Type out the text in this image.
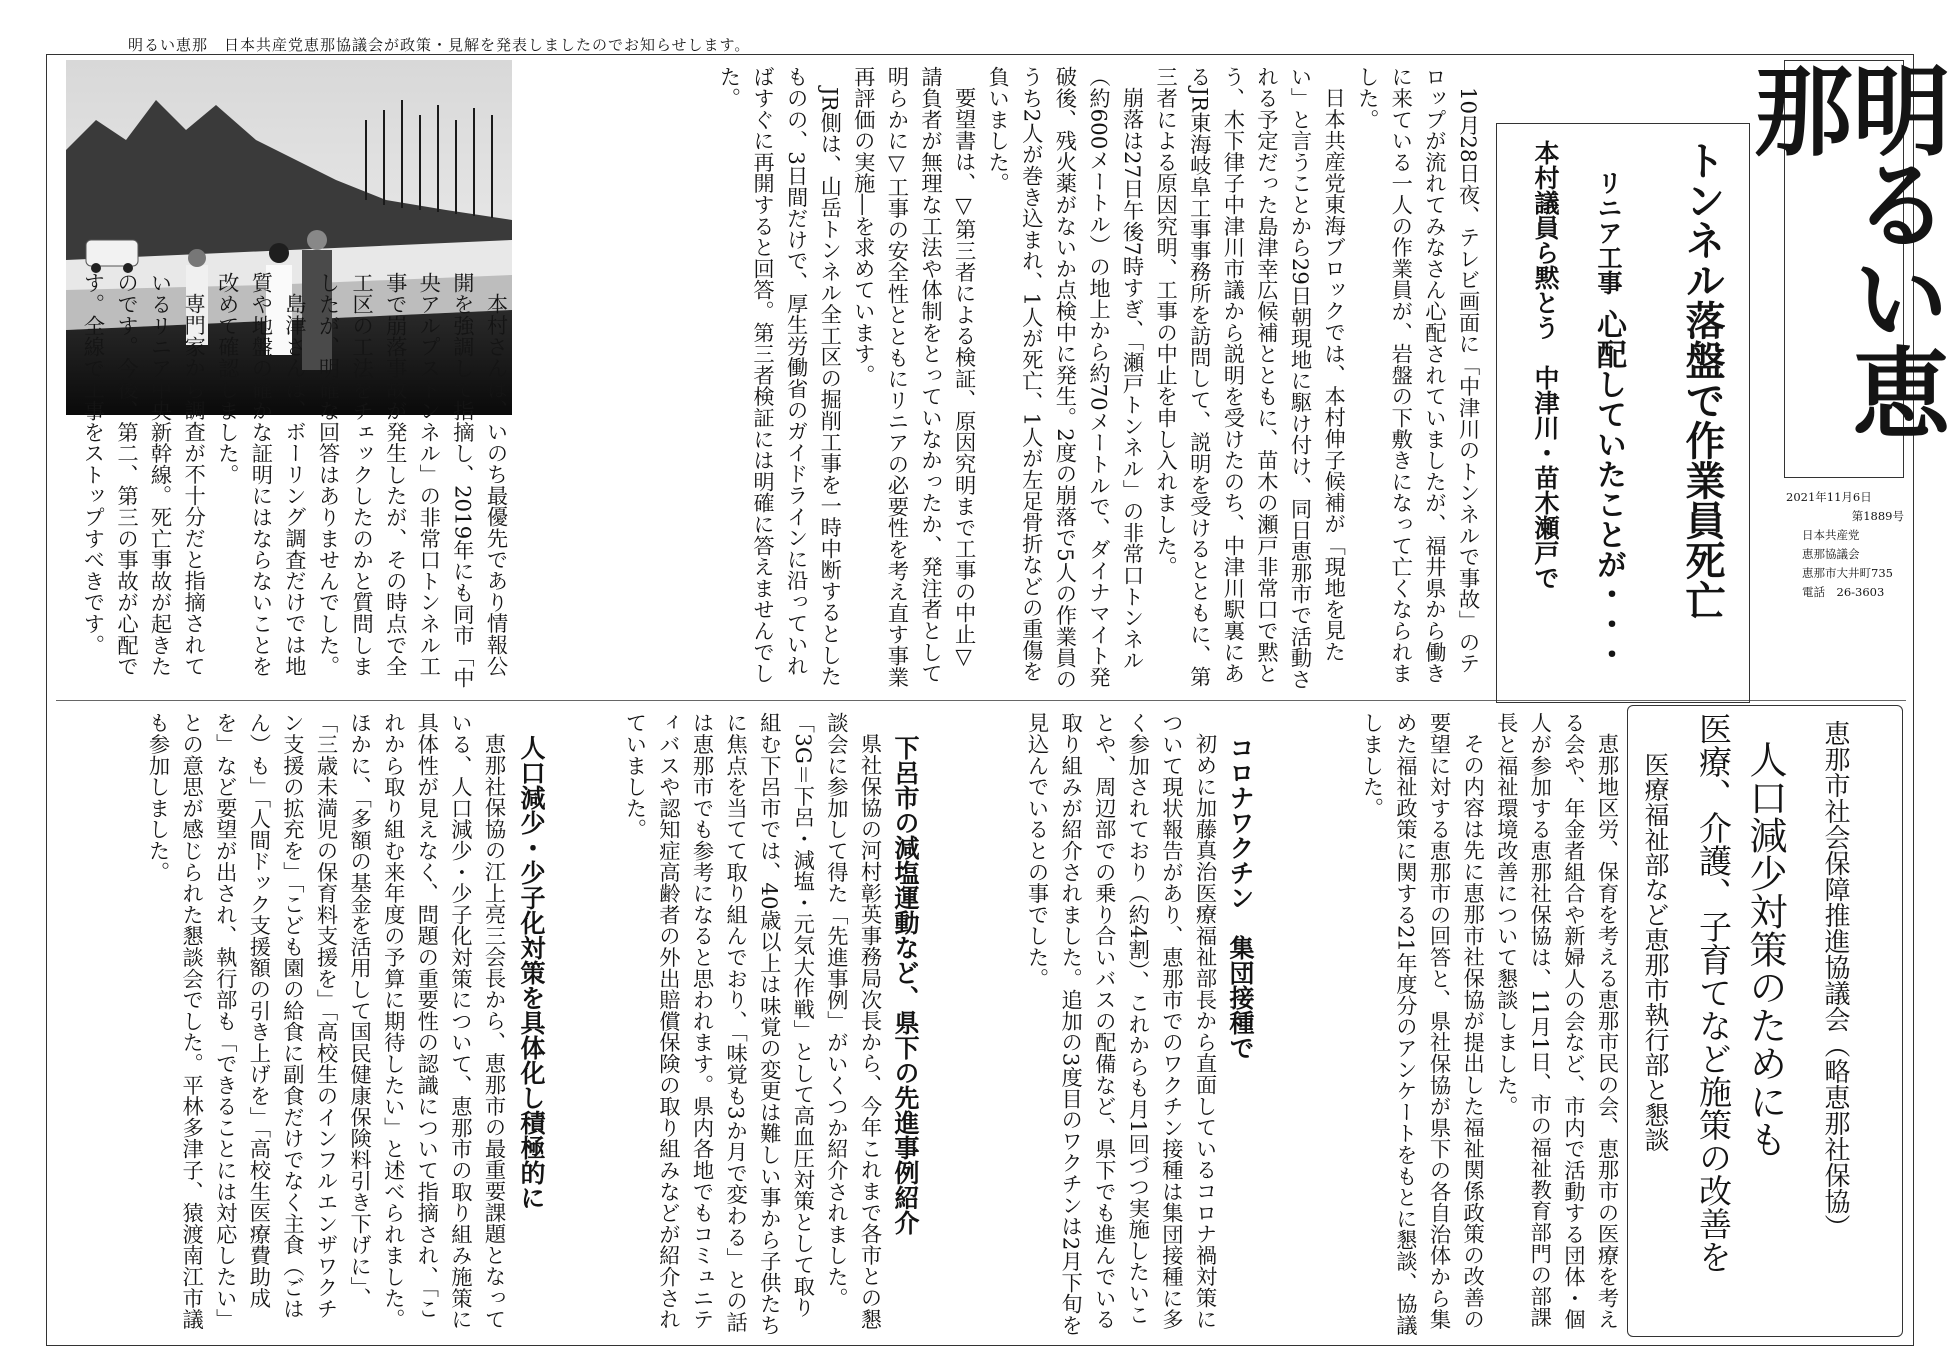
明るい恵那　日本共産党恵那協議会が政策・見解を発表しましたのでお知らせします。
明るい恵那
2021年11月6日
第1889号
日本共産党
恵那協議会
恵那市大井町735
電話　26-3603
トンネル落盤で作業員死亡
リニア工事心配していたことが・・・
本村議員ら黙とう　中津川・苗木瀬戸で

10月28日夜、テレビ画面に「中津川のトンネルで事故」のテロップが流れてみなさん心配されていましたが、福井県から働きに来ている一人の作業員が、岩盤の下敷きになって亡くなられました。

日本共産党東海ブロックでは、本村伸子候補が「現地を見たい」と言うことから29日朝現地に駆け付け、同日恵那市で活動される予定だった島津幸広候補とともに、苗木の瀬戸非常口で黙とう、木下律子中津川市議から説明を受けたのち、中津川駅裏にあるJR東海岐阜工事事務所を訪問して、説明を受けるとともに、第三者による原因究明、工事の中止を申し入れました。

崩落は27日午後7時すぎ、「瀬戸トンネル」の非常口トンネル（約600メートル）の地上から約70メートルで、ダイナマイト発破後、残火薬がないか点検中に発生。2度の崩落で5人の作業員のうち2人が巻き込まれ、1人が死亡、1人が左足骨折などの重傷を負いました。

要望書は、▽第三者による検証、原因究明まで工事の中止▽請負者が無理な工法や体制をとっていなかったか、発注者として明らかに▽工事の安全性とともにリニアの必要性を考え直す事業再評価の実施―を求めています。

JR側は、山岳トンネル全工区の掘削工事を一時中断するとしたものの、3日間だけで、厚生労働省のガイドラインに沿っていればすぐに再開すると回答。第三者検証には明確に答えませんでした。

本村さんは、いのち最優先であり情報公開を強調して指摘し、2019年にも同市「中央アルプストンネル」の非常口トンネル工事で崩落事故が発生したが、その時点で全工区の工法をチェックしたのかと質問しましたが、明確な回答はありませんでした。

島津さんは、ボーリング調査だけでは地質や地盤の確かな証明にはならないことを改めて確認しました。

専門家から調査が不十分だと指摘されているリニア中央新幹線。死亡事故が起きたのです。今後、第二、第三の事故が心配です。全線で工事をストップすべきです。

恵那市社会保障推進協議会（略恵那社保協）
人口減少対策のためにも
医療、介護、子育てなど施策の改善を
医療福祉部など恵那市執行部と懇談

恵那地区労、保育を考える恵那市民の会、恵那市の医療を考える会や、年金者組合や新婦人の会など、市内で活動する団体・個人が参加する恵那社保協は、11月1日、市の福祉教育部門の部課長と福祉環境改善について懇談しました。

その内容は先に恵那市社保協が提出した福祉関係政策の改善の要望に対する恵那市の回答と、県社保協が県下の各自治体から集めた福祉政策に関する21年度分のアンケートをもとに懇談、協議しました。

コロナワクチン　集団接種で
初めに加藤真治医療福祉部長から直面しているコロナ禍対策について現状報告があり、恵那市でのワクチン接種は集団接種に多く参加されており（約4割）、これからも月1回づつ実施したいことや、周辺部での乗り合いバスの配備など、県下でも進んでいる取り組みが紹介されました。追加の3度目のワクチンは2月下旬を見込んでいるとの事でした。
下呂市の減塩運動など、県下の先進事例紹介
県社保協の河村彰英事務局次長から、今年これまで各市との懇談会に参加して得た「先進事例」がいくつか紹介されました。「3G＝下呂・減塩・元気大作戦」として高血圧対策として取り組む下呂市では、40歳以上は味覚の変更は難しい事から子供たちに焦点を当てて取り組んでおり、「味覚も3か月で変わる」との話は恵那市でも参考になると思われます。県内各地でもコミュニティバスや認知症高齢者の外出賠償保険の取り組みなどが紹介されていました。
人口減少・少子化対策を具体化し積極的に
恵那社保協の江上亮三会長から、恵那市の最重要課題となっている、人口減少・少子化対策について、恵那市の取り組み施策に具体性が見えなく、問題の重要性の認識について指摘され、「これから取り組む来年度の予算に期待したい」と述べられました。ほかに、「多額の基金を活用して国民健康保険料引き下げに」、「三歳未満児の保育料支援を」「高校生のインフルエンザワクチン支援の拡充を」「こども園の給食に副食だけでなく主食（ごはん）も」「人間ドック支援額の引き上げを」「高校生医療費助成を」など要望が出され、執行部も「できることには対応したい」との意思が感じられた懇談会でした。平林多津子、猿渡南江市議も参加しました。
